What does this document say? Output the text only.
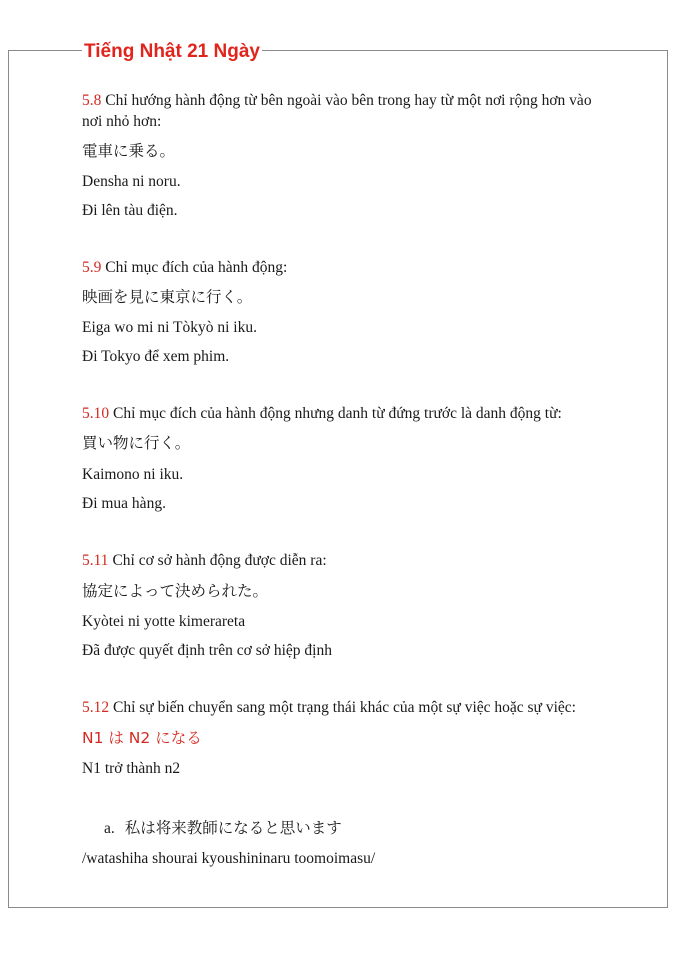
Tiếng Nhật 21 Ngày

5.8 Chỉ hướng hành động từ bên ngoài vào bên trong hay từ một nơi rộng hơn vào nơi nhỏ hơn:

電車に乗る。

Densha ni noru.

Đi lên tàu điện.

5.9 Chỉ mục đích của hành động:

映画を見に東京に行く。

Eiga wo mi ni Tòkyò ni iku.

Đi Tokyo để xem phim.

5.10 Chỉ mục đích của hành động nhưng danh từ đứng trước là danh động từ:

買い物に行く。

Kaimono ni iku.

Đi mua hàng.

5.11 Chỉ cơ sở hành động được diễn ra:

協定によって決められた。

Kyòtei ni yotte kimerareta

Đã được quyết định trên cơ sở hiệp định

5.12 Chỉ sự biến chuyển sang một trạng thái khác của một sự việc hoặc sự việc:

N1 は N2 になる

N1 trở thành n2

a. 私は将来教師になると思います

/watashiha shourai kyoushininaru toomoimasu/
